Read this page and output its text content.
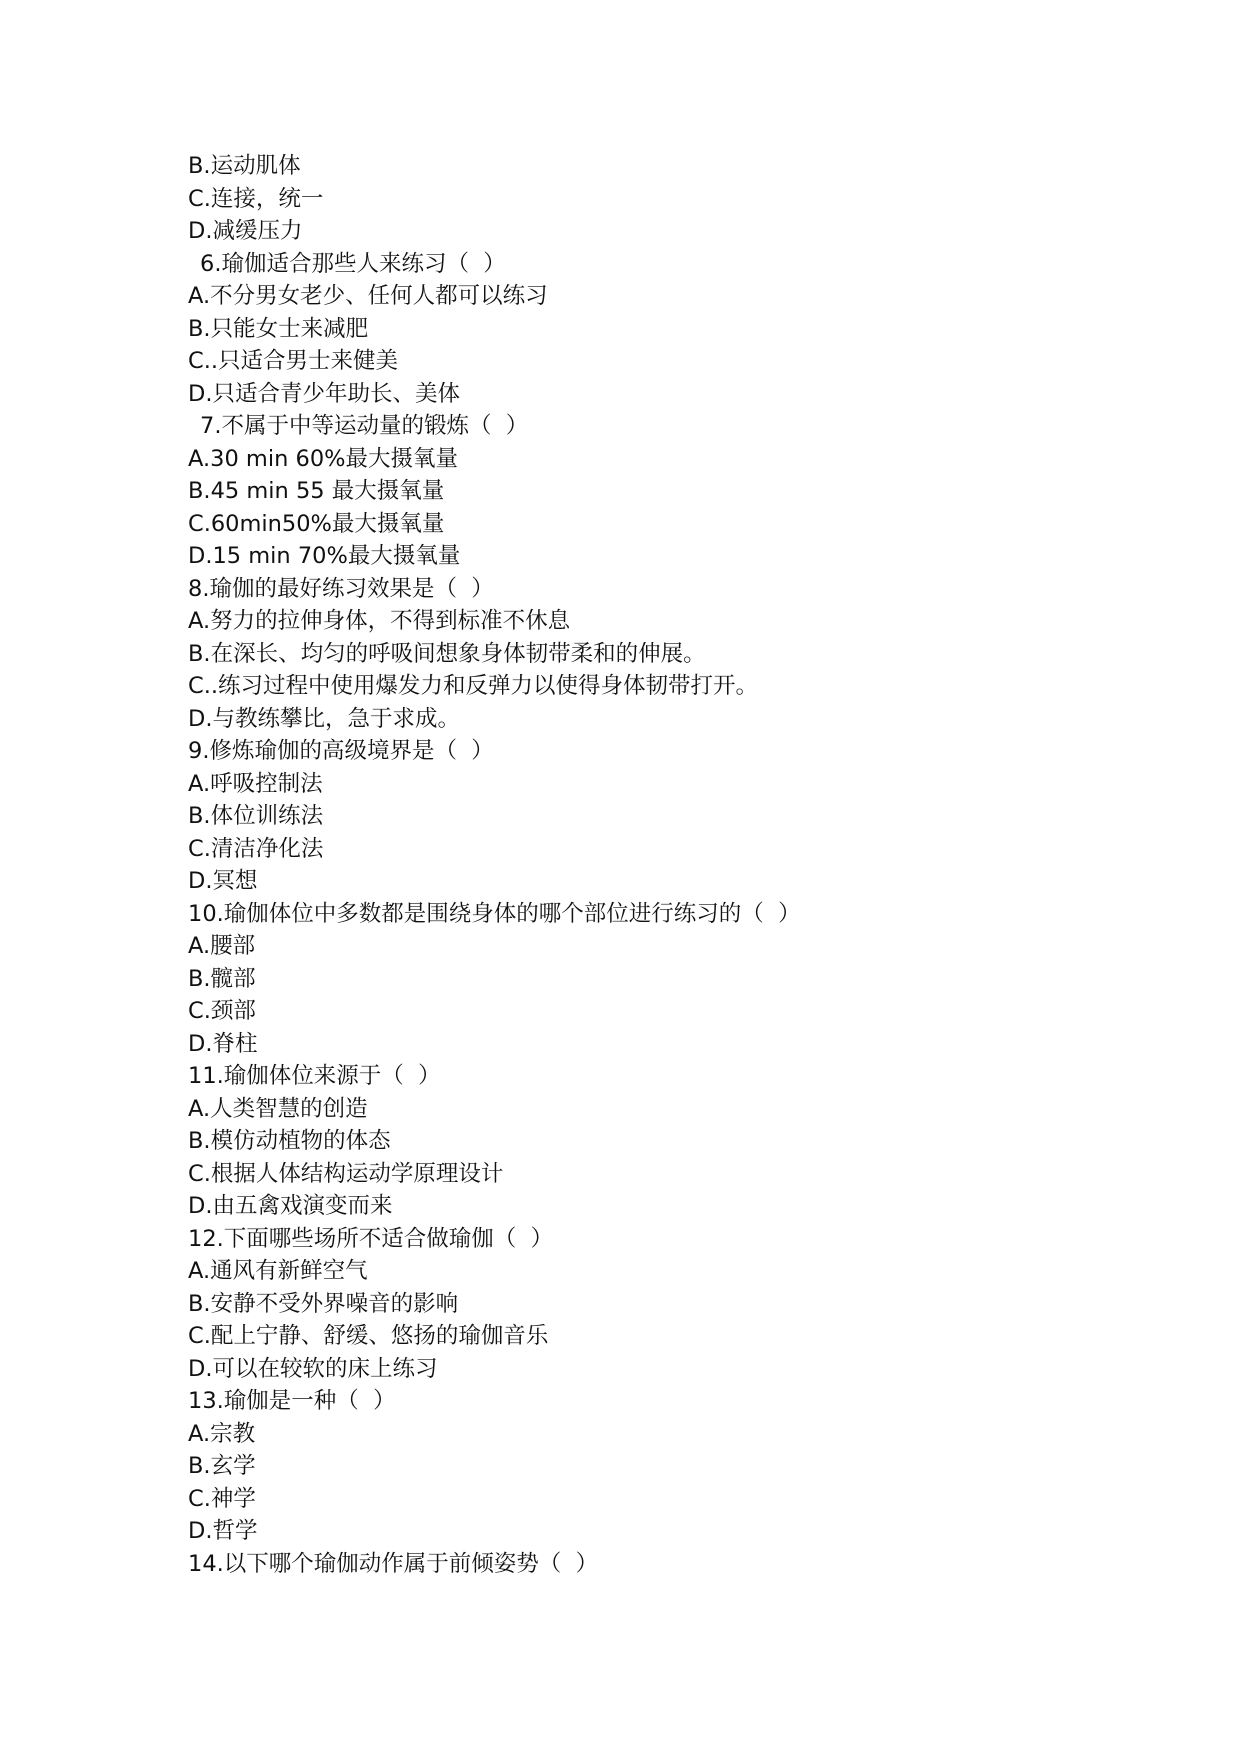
B.运动肌体
C.连接，统一
D.减缓压力
6.瑜伽适合那些人来练习（  ）
A.不分男女老少、任何人都可以练习
B.只能女士来减肥
C..只适合男士来健美
D.只适合青少年助长、美体
7.不属于中等运动量的锻炼（  ）
A.30 min 60%最大摄氧量
B.45 min 55 最大摄氧量
C.60min50%最大摄氧量
D.15 min 70%最大摄氧量
8.瑜伽的最好练习效果是（  ）
A.努力的拉伸身体，不得到标准不休息
B.在深长、均匀的呼吸间想象身体韧带柔和的伸展。
C..练习过程中使用爆发力和反弹力以使得身体韧带打开。
D.与教练攀比，急于求成。
9.修炼瑜伽的高级境界是（  ）
A.呼吸控制法
B.体位训练法
C.清洁净化法
D.冥想
10.瑜伽体位中多数都是围绕身体的哪个部位进行练习的（  ）
A.腰部
B.髋部
C.颈部
D.脊柱
11.瑜伽体位来源于（  ）
A.人类智慧的创造
B.模仿动植物的体态
C.根据人体结构运动学原理设计
D.由五禽戏演变而来
12.下面哪些场所不适合做瑜伽（  ）
A.通风有新鲜空气
B.安静不受外界噪音的影响
C.配上宁静、舒缓、悠扬的瑜伽音乐
D.可以在较软的床上练习
13.瑜伽是一种（  ）
A.宗教
B.玄学
C.神学
D.哲学
14.以下哪个瑜伽动作属于前倾姿势（  ）
